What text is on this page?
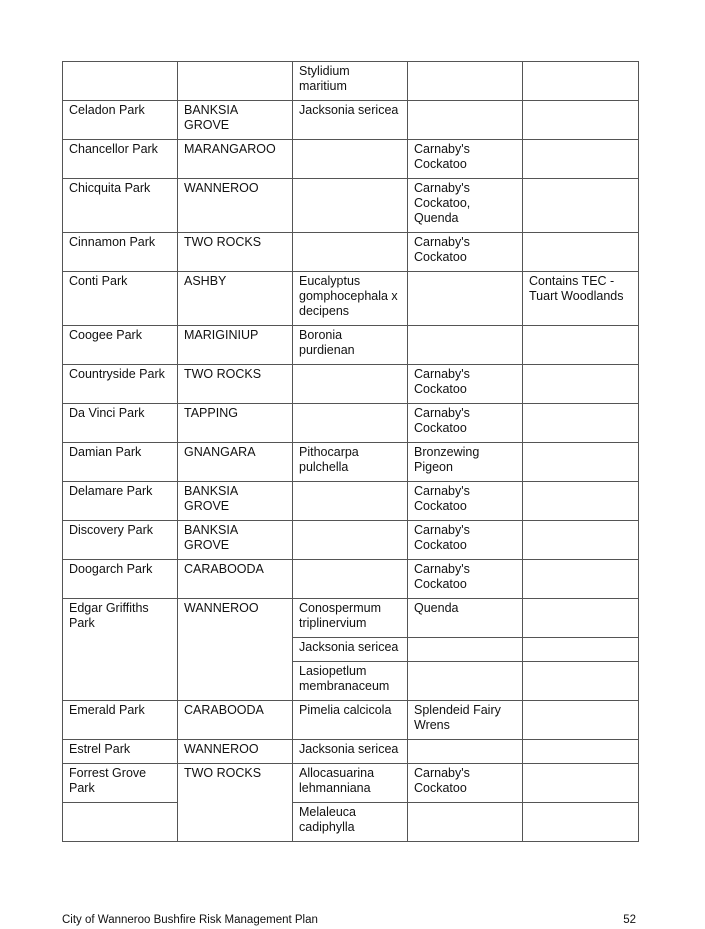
		Stylidium maritium		

Celadon Park	BANKSIA GROVE	Jacksonia sericea		

Chancellor Park	MARANGAROO		Carnaby's Cockatoo	

Chicquita Park	WANNEROO		Carnaby's Cockatoo, Quenda	

Cinnamon Park	TWO ROCKS		Carnaby's Cockatoo	

Conti Park	ASHBY	Eucalyptus gomphocephala x decipens		Contains TEC - Tuart Woodlands

Coogee Park	MARIGINIUP	Boronia purdienan		

Countryside Park	TWO ROCKS		Carnaby's Cockatoo	

Da Vinci Park	TAPPING		Carnaby's Cockatoo	

Damian Park	GNANGARA	Pithocarpa pulchella	Bronzewing Pigeon	

Delamare Park	BANKSIA GROVE		Carnaby's Cockatoo	

Discovery Park	BANKSIA GROVE		Carnaby's Cockatoo	

Doogarch Park	CARABOODA		Carnaby's Cockatoo	

Edgar Griffiths Park	WANNEROO	Conospermum triplinervium	Quenda	

		Jacksonia sericea		

		Lasiopetlum membranaceum		

Emerald Park	CARABOODA	Pimelia calcicola	Splendeid Fairy Wrens	

Estrel Park	WANNEROO	Jacksonia sericea		

Forrest Grove Park	TWO ROCKS	Allocasuarina lehmanniana	Carnaby's Cockatoo	

		Melaleuca cadiphylla		

City of Wanneroo Bushfire Risk Management Plan	52
